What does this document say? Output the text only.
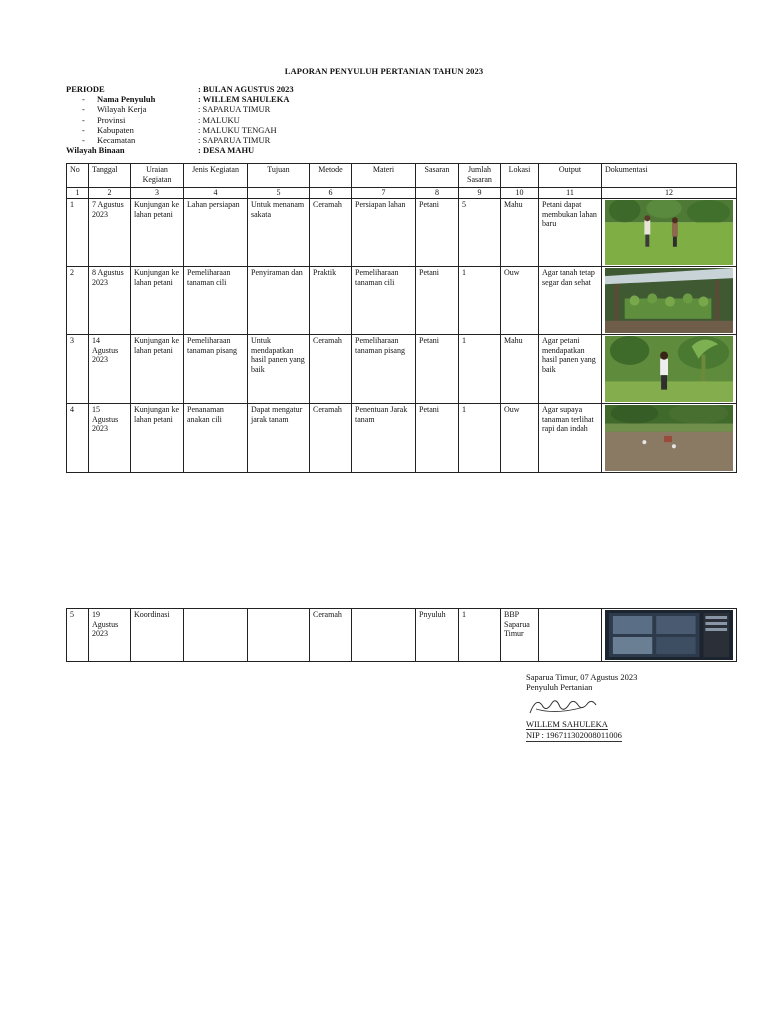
LAPORAN PENYULUH PERTANIAN TAHUN 2023
PERIODE	: BULAN AGUSTUS 2023
- Nama Penyuluh	: WILLEM SAHULEKA
- Wilayah Kerja	: SAPARUA TIMUR
- Provinsi	: MALUKU
- Kabupaten	: MALUKU TENGAH
- Kecamatan	: SAPARUA TIMUR
Wilayah Binaan	: DESA MAHU
No	Tanggal	Uraian Kegiatan	Jenis Kegiatan	Tujuan	Metode	Materi	Sasaran	Jumlah Sasaran	Lokasi	Output	Dokumentasi
1	2	3	4	5	6	7	8	9	10	11	12
1	7 Agustus 2023	Kunjungan ke lahan petani	Lahan persiapan	Untuk menanam sakata	Ceramah	Persiapan lahan	Petani	5	Mahu	Petani dapat membukan lahan baru	

2	8 Agustus 2023	Kunjungan ke lahan petani	Pemeliharaan tanaman cili	Penyiraman dan	Praktik	Pemeliharaan tanaman cili	Petani	1	Ouw	Agar tanah tetap segar dan sehat	

3	14 Agustus 2023	Kunjungan ke lahan petani	Pemeliharaan tanaman pisang	Untuk mendapatkan hasil panen yang baik	Ceramah	Pemeliharaan tanaman pisang	Petani	1	Mahu	Agar petani mendapatkan hasil panen yang baik	

4	15 Agustus 2023	Kunjungan ke lahan petani	Penanaman anakan cili	Dapat mengatur jarak tanam	Ceramah	Penentuan Jarak tanam	Petani	1	Ouw	Agar supaya tanaman terlihat rapi dan indah	
5	19 Agustus 2023	Koordinasi			Ceramah		Pnyuluh	1	BBP Saparua Timur		
Saparua Timur, 07 Agustus 2023
Penyuluh Pertanian
WILLEM SAHULEKA
NIP : 196711302008011006
